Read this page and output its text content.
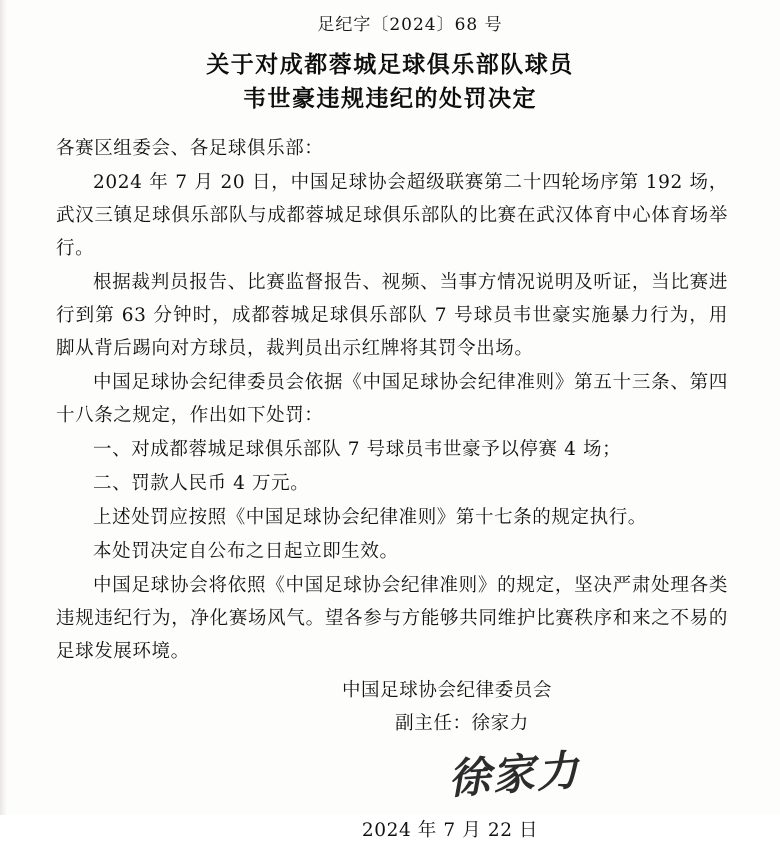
足纪字〔2024〕68 号
关于对成都蓉城足球俱乐部队球员
韦世豪违规违纪的处罚决定

各赛区组委会、各足球俱乐部：

2024 年 7 月 20 日，中国足球协会超级联赛第二十四轮场序第 192 场，武汉三镇足球俱乐部队与成都蓉城足球俱乐部队的比赛在武汉体育中心体育场举行。

根据裁判员报告、比赛监督报告、视频、当事方情况说明及听证，当比赛进行到第 63 分钟时，成都蓉城足球俱乐部队 7 号球员韦世豪实施暴力行为，用脚从背后踢向对方球员，裁判员出示红牌将其罚令出场。

中国足球协会纪律委员会依据《中国足球协会纪律准则》第五十三条、第四十八条之规定，作出如下处罚：

一、对成都蓉城足球俱乐部队 7 号球员韦世豪予以停赛 4 场；

二、罚款人民币 4 万元。

上述处罚应按照《中国足球协会纪律准则》第十七条的规定执行。

本处罚决定自公布之日起立即生效。

中国足球协会将依照《中国足球协会纪律准则》的规定，坚决严肃处理各类违规违纪行为，净化赛场风气。望各参与方能够共同维护比赛秩序和来之不易的足球发展环境。

中国足球协会纪律委员会
副主任：徐家力
徐家力
2024 年 7 月 22 日
